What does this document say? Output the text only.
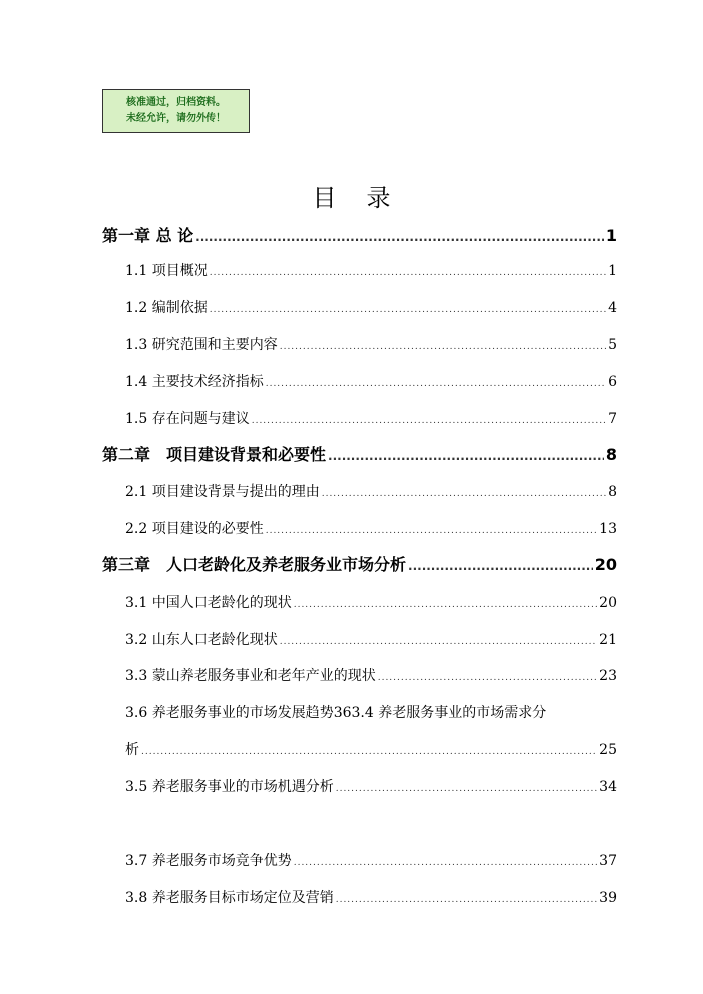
核准通过，归档资料。
未经允许，请勿外传！
目录
第一章 总 论 .....	1
1.1 项目概况 .....	1
1.2 编制依据 .....	4
1.3 研究范围和主要内容 .....	5
1.4 主要技术经济指标 .....	6
1.5 存在问题与建议 .....	7
第二章　项目建设背景和必要性 .....	8
2.1 项目建设背景与提出的理由 .....	8
2.2 项目建设的必要性 .....	13
第三章　人口老龄化及养老服务业市场分析 .....	20
3.1 中国人口老龄化的现状 .....	20
3.2 山东人口老龄化现状 .....	21
3.3 蒙山养老服务事业和老年产业的现状 .....	23
3.6 养老服务事业的市场发展趋势363.4 养老服务事业的市场需求分
析 .....	25
3.5 养老服务事业的市场机遇分析 .....	34
3.7 养老服务市场竞争优势 .....	37
3.8 养老服务目标市场定位及营销 .....	39
